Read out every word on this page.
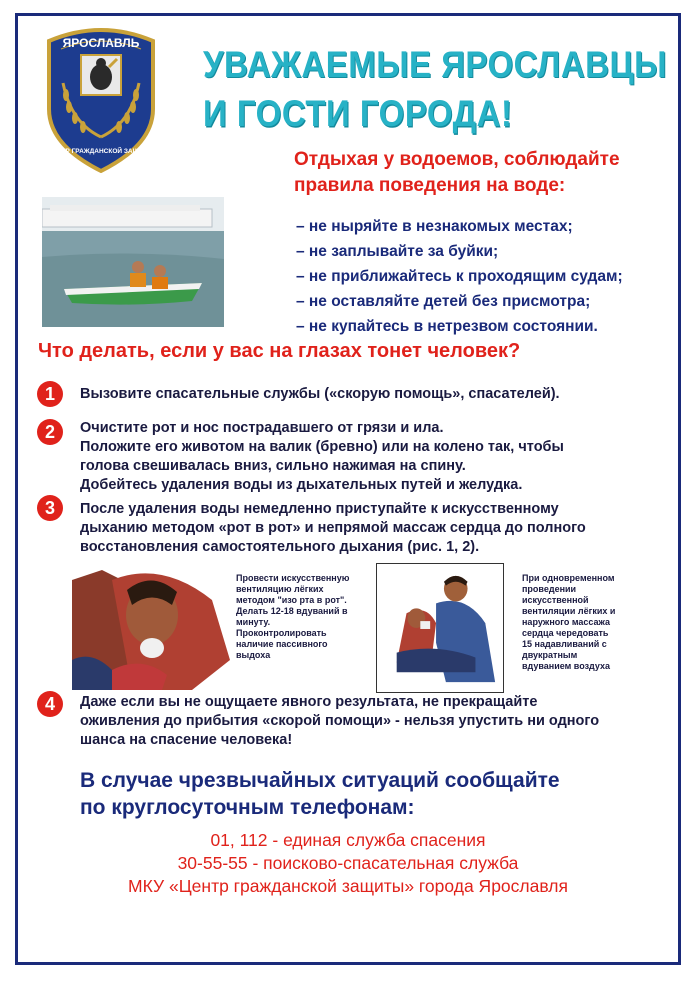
ЯРОСЛАВЛЬ
ЦЕНТР ГРАЖДАНСКОЙ ЗАЩИТЫ
УВАЖАЕМЫЕ ЯРОСЛАВЦЫ
И ГОСТИ ГОРОДА!
Отдыхая у водоемов, соблюдайте
правила поведения на воде:
– не ныряйте в незнакомых местах;
– не заплывайте за буйки;
– не приближайтесь к проходящим судам;
– не оставляйте детей без присмотра;
– не купайтесь в нетрезвом состоянии.
Что делать, если у вас на глазах тонет человек?
1	Вызовите спасательные службы («скорую помощь», спасателей).
2	Очистите рот и нос пострадавшего от грязи и ила.
Положите его животом на валик (бревно) или на колено так, чтобы
голова свешивалась вниз, сильно нажимая на спину.
Добейтесь удаления воды из дыхательных путей и желудка.
3	После удаления воды немедленно приступайте к искусственному
дыханию методом «рот в рот» и непрямой массаж сердца до полного
восстановления самостоятельного дыхания (рис. 1, 2).
Провести искусственную
вентиляцию лёгких
методом "изо рта в рот".
Делать 12-18 вдуваний в
минуту.
Проконтролировать
наличие пассивного
выдоха
При одновременном
проведении
искусственной
вентиляции лёгких и
наружного массажа
сердца чередовать
15 надавливаний с
двукратным
вдуванием воздуха
4	Даже если вы не ощущаете явного результата, не прекращайте
оживления до прибытия «скорой помощи» - нельзя упустить ни одного
шанса на спасение человека!
В случае чрезвычайных ситуаций сообщайте
по круглосуточным телефонам:
01, 112 - единая служба спасения
30-55-55 - поисково-спасательная служба
МКУ «Центр гражданской защиты» города Ярославля
